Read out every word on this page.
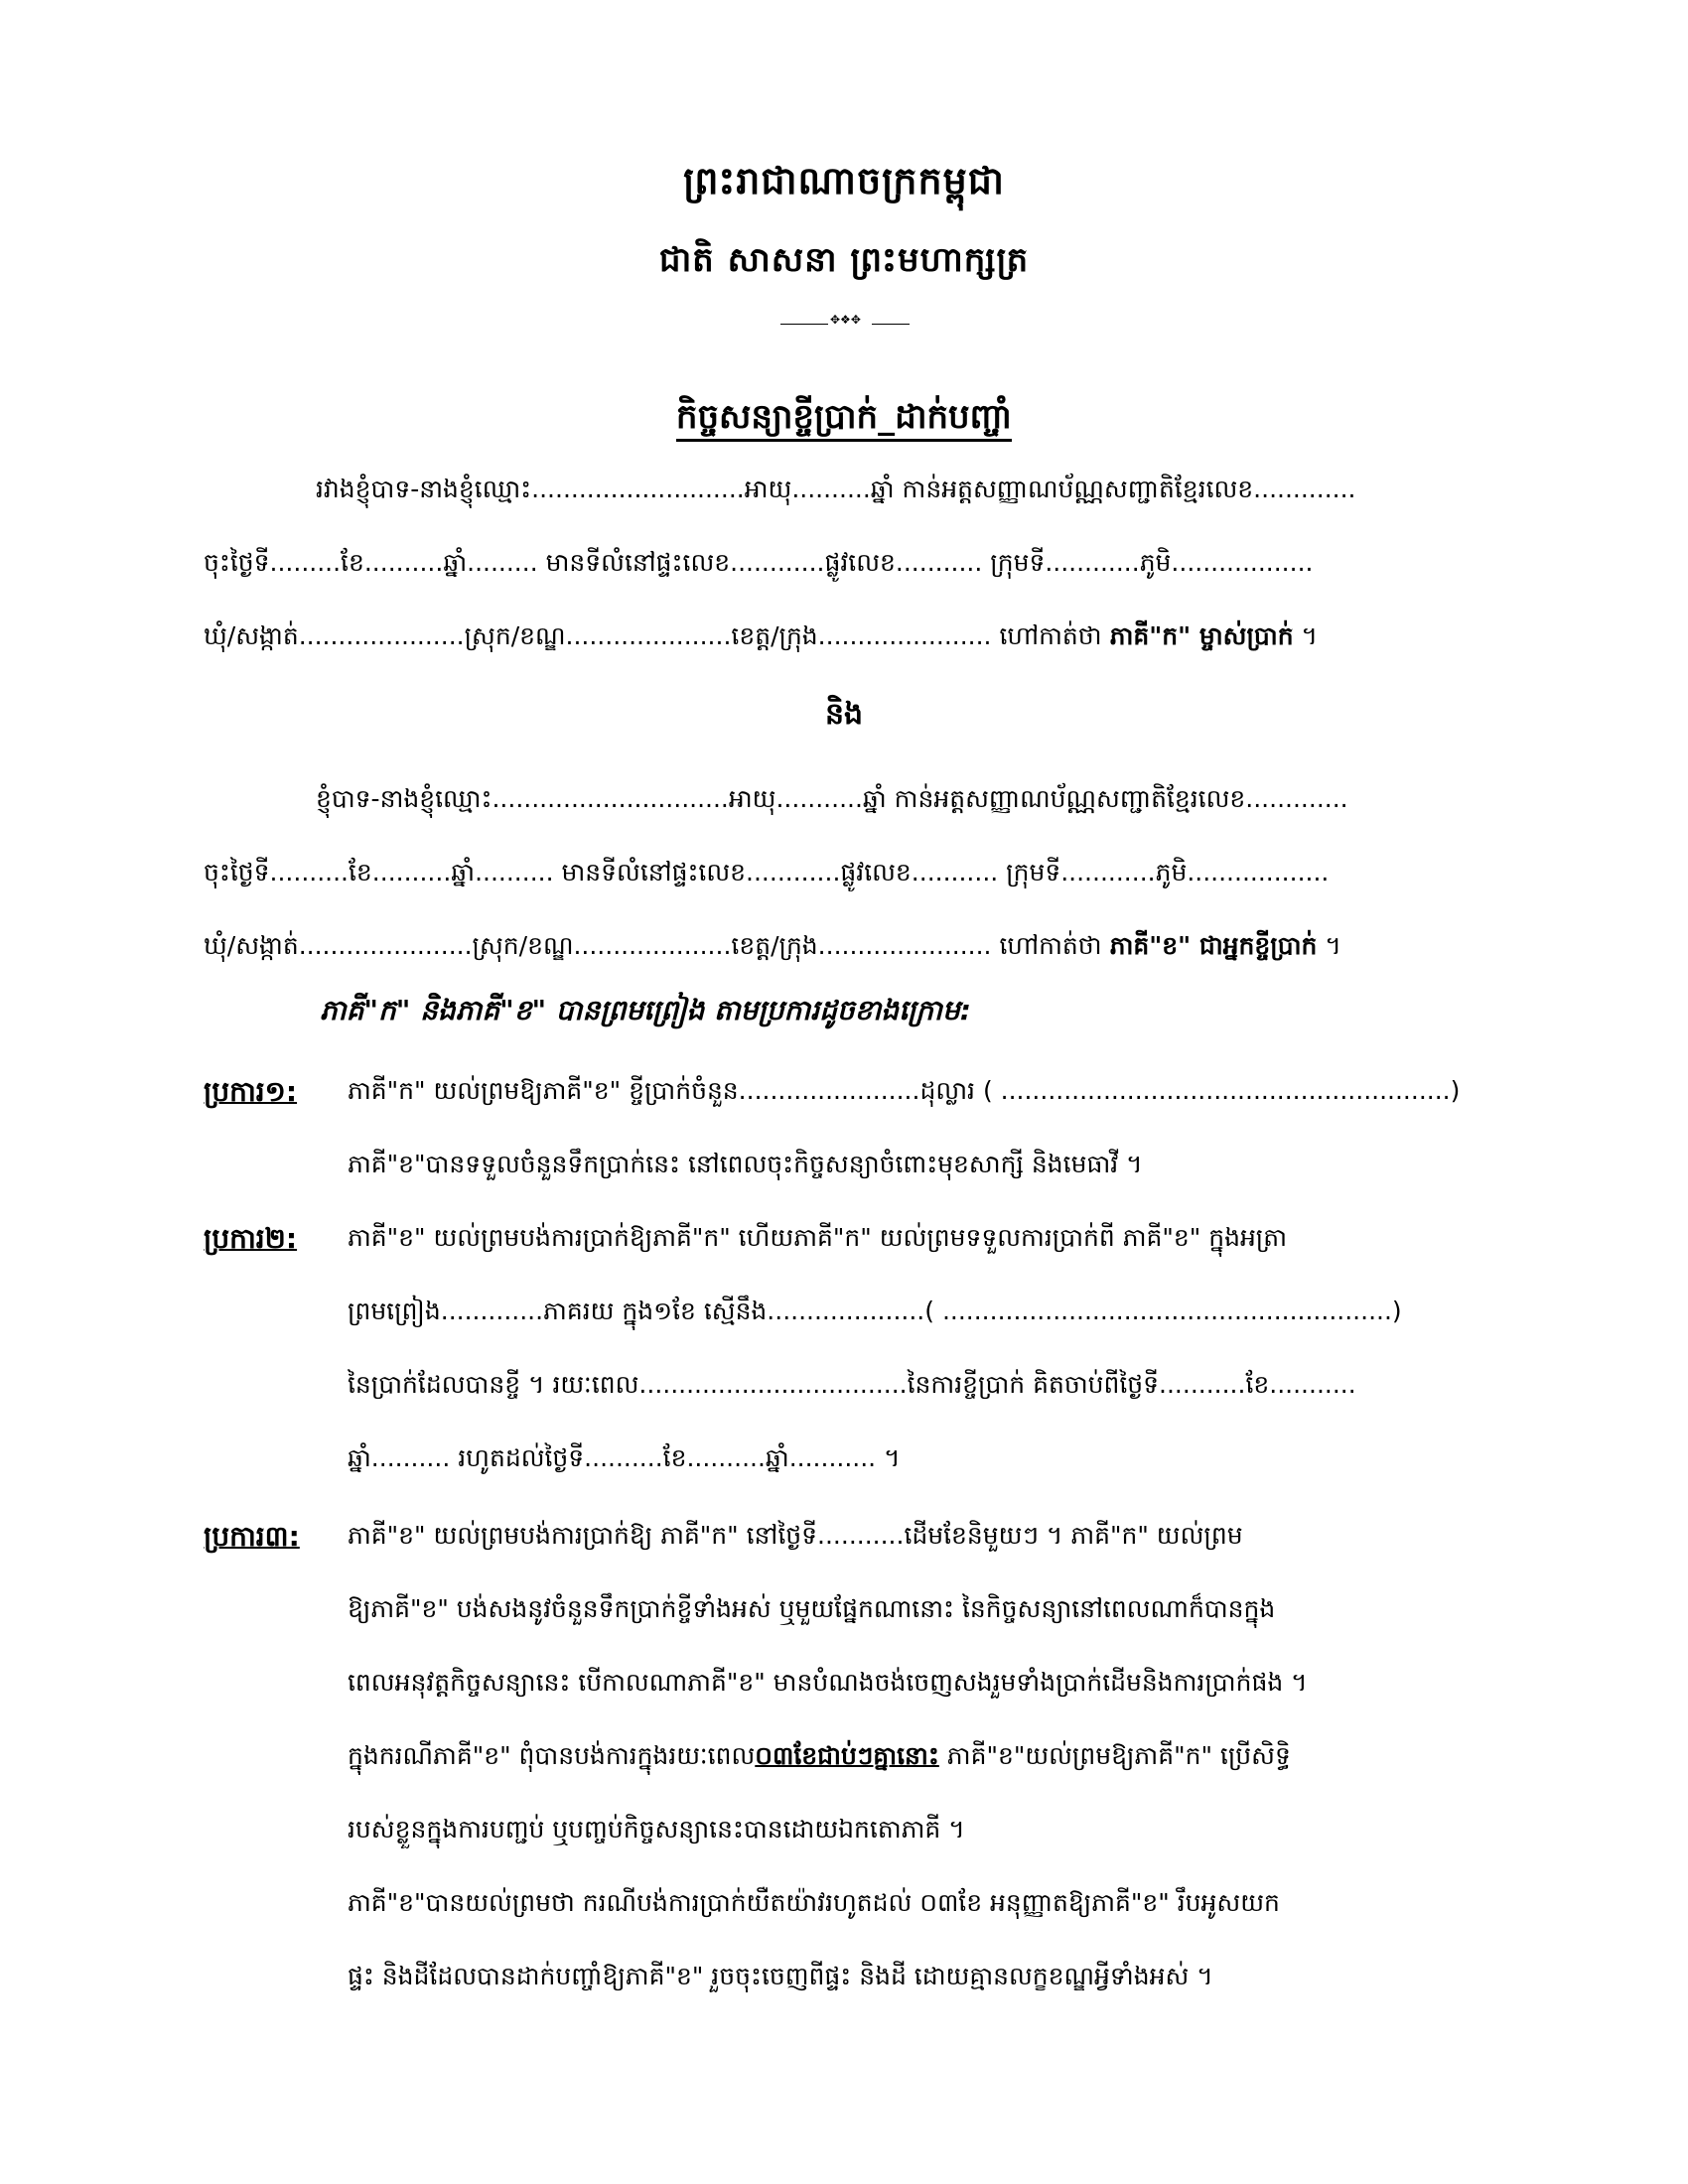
ព្រះរាជាណាចក្រកម្ពុជា
ជាតិ សាសនា ព្រះមហាក្សត្រ
✥❖✥
កិច្ចសន្យាខ្ចីប្រាក់_ដាក់បញ្ចាំ
រវាងខ្ញុំបាទ-នាងខ្ញុំឈ្មោះ...........................អាយុ..........ឆ្នាំ កាន់អត្តសញ្ញាណប័ណ្ណសញ្ជាតិខ្មែរលេខ.............
ចុះថ្ងៃទី.........ខែ..........ឆ្នាំ......... មានទីលំនៅផ្ទះលេខ............ផ្លូវលេខ........... ក្រុមទី............ភូមិ..................
ឃុំ/សង្កាត់.....................ស្រុក/ខណ្ឌ.....................ខេត្ត/ក្រុង...................... ហៅកាត់ថា ភាគី"ក" ម្ចាស់ប្រាក់ ។
និង
ខ្ញុំបាទ-នាងខ្ញុំឈ្មោះ..............................អាយុ...........ឆ្នាំ កាន់អត្តសញ្ញាណប័ណ្ណសញ្ជាតិខ្មែរលេខ.............
ចុះថ្ងៃទី..........ខែ..........ឆ្នាំ.......... មានទីលំនៅផ្ទះលេខ............ផ្លូវលេខ........... ក្រុមទី............ភូមិ..................
ឃុំ/សង្កាត់......................ស្រុក/ខណ្ឌ....................ខេត្ត/ក្រុង...................... ហៅកាត់ថា ភាគី"ខ" ជាអ្នកខ្ចីប្រាក់ ។
ភាគី"ក" និងភាគី"ខ" បានព្រមព្រៀង តាមប្រការដូចខាងក្រោម:
ប្រការ១: ភាគី"ក" យល់ព្រមឱ្យភាគី"ខ" ខ្ចីប្រាក់ចំនួន.......................ដុល្លារ ( .........................................................)
ភាគី"ខ"បានទទួលចំនួនទឹកប្រាក់នេះ នៅពេលចុះកិច្ចសន្យាចំពោះមុខសាក្សី និងមេធាវី ។
ប្រការ២: ភាគី"ខ" យល់ព្រមបង់ការប្រាក់ឱ្យភាគី"ក" ហើយភាគី"ក" យល់ព្រមទទួលការប្រាក់ពី ភាគី"ខ" ក្នុងអត្រា
ព្រមព្រៀង.............ភាគរយ ក្នុង១ខែ ស្មើនឹង....................( .........................................................)
នៃប្រាក់ដែលបានខ្ចី ។ រយៈពេល..................................នៃការខ្ចីប្រាក់ គិតចាប់ពីថ្ងៃទី...........ខែ...........
ឆ្នាំ.......... រហូតដល់ថ្ងៃទី..........ខែ..........ឆ្នាំ........... ។
ប្រការ៣: ភាគី"ខ" យល់ព្រមបង់ការប្រាក់ឱ្យ ភាគី"ក" នៅថ្ងៃទី...........ដើមខែនិមួយៗ ។ ភាគី"ក" យល់ព្រម
ឱ្យភាគី"ខ" បង់សងនូវចំនួនទឹកប្រាក់ខ្ចីទាំងអស់ ឬមួយផ្នែកណានោះ នៃកិច្ចសន្យានៅពេលណាក៏បានក្នុង
ពេលអនុវត្តកិច្ចសន្យានេះ បើកាលណាភាគី"ខ" មានបំណងចង់ចេញសងរួមទាំងប្រាក់ដើមនិងការប្រាក់ផង ។
ក្នុងករណីភាគី"ខ" ពុំបានបង់ការក្នុងរយៈពេល០៣ខែជាប់ៗគ្នានោះ ភាគី"ខ"យល់ព្រមឱ្យភាគី"ក" ប្រើសិទ្ធិ
របស់ខ្លួនក្នុងការបញ្ជប់ ឬបញ្ចប់កិច្ចសន្យានេះបានដោយឯកតោភាគី ។
ភាគី"ខ"បានយល់ព្រមថា ករណីបង់ការប្រាក់យឺតយ៉ាវរហូតដល់ ០៣ខែ អនុញ្ញាតឱ្យភាគី"ខ" រឹបអូសយក
ផ្ទះ និងដីដែលបានដាក់បញ្ចាំឱ្យភាគី"ខ" រួចចុះចេញពីផ្ទះ និងដី ដោយគ្មានលក្ខខណ្ឌអ្វីទាំងអស់ ។
